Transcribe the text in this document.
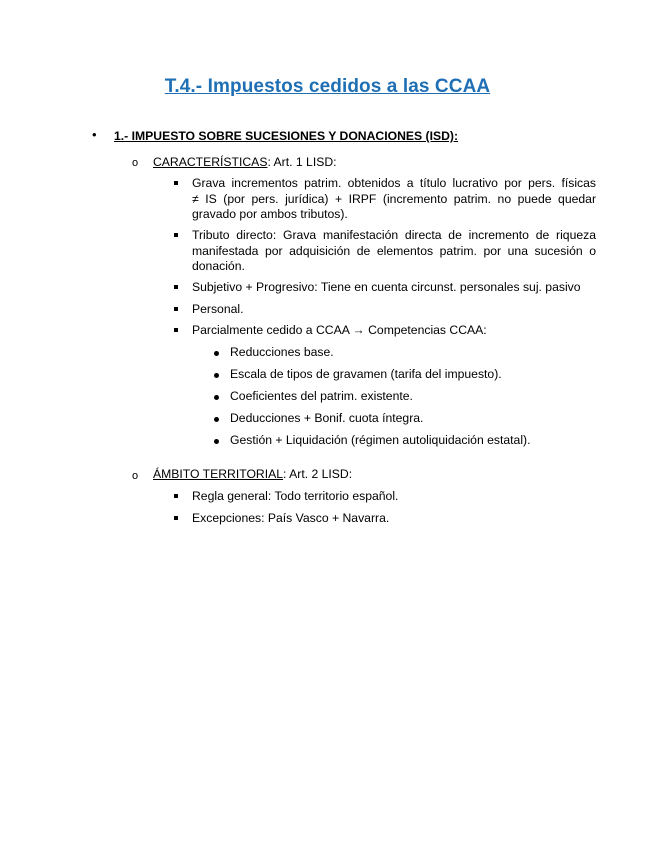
T.4.- Impuestos cedidos a las CCAA
• 1.- IMPUESTO SOBRE SUCESIONES Y DONACIONES (ISD):
o CARACTERÍSTICAS: Art. 1 LISD:
Grava incrementos patrim. obtenidos a título lucrativo por pers. físicas
≠ IS (por pers. jurídica) + IRPF (incremento patrim. no puede quedar
gravado por ambos tributos).
Tributo directo: Grava manifestación directa de incremento de riqueza
manifestada por adquisición de elementos patrim. por una sucesión o
donación.
Subjetivo + Progresivo: Tiene en cuenta circunst. personales suj. pasivo
Personal.
Parcialmente cedido a CCAA → Competencias CCAA:
Reducciones base.
Escala de tipos de gravamen (tarifa del impuesto).
Coeficientes del patrim. existente.
Deducciones + Bonif. cuota íntegra.
Gestión + Liquidación (régimen autoliquidación estatal).
o ÁMBITO TERRITORIAL: Art. 2 LISD:
Regla general: Todo territorio español.
Excepciones: País Vasco + Navarra.
